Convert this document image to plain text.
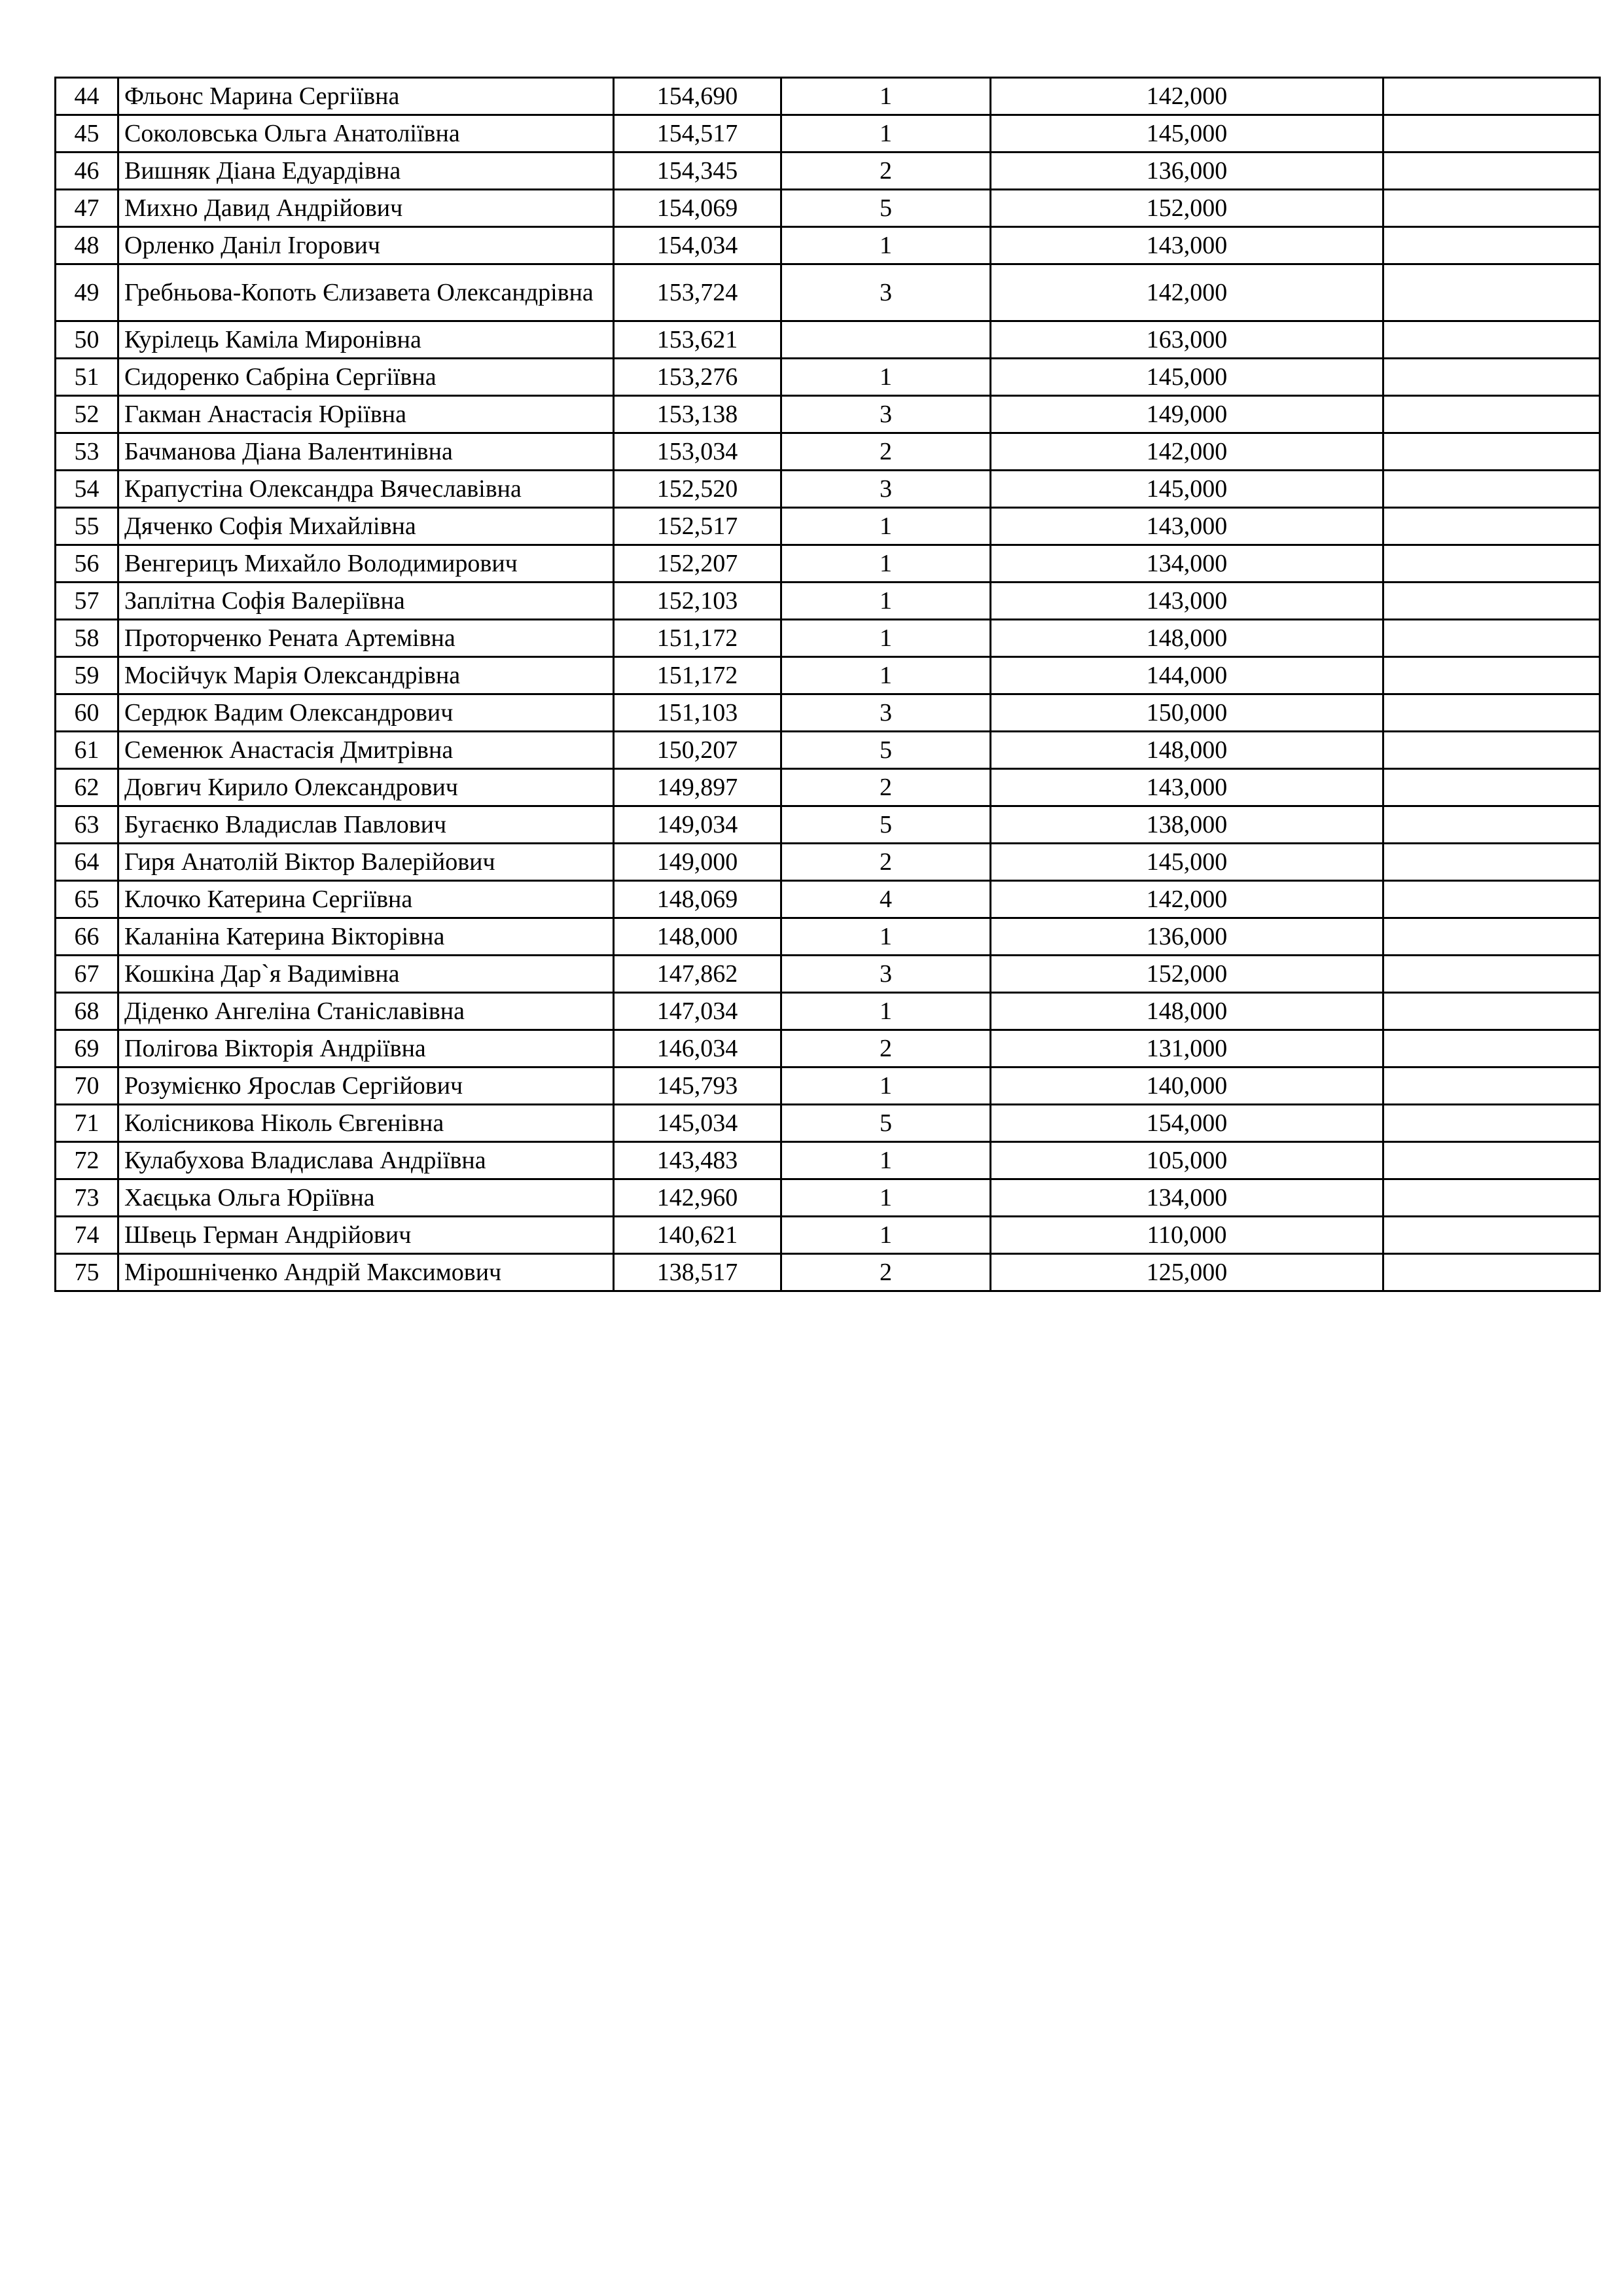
44	Фльонс Марина Сергіївна	154,690	1	142,000	
45	Соколовська Ольга Анатоліївна	154,517	1	145,000	
46	Вишняк Діана Едуардівна	154,345	2	136,000	
47	Михно Давид Андрійович	154,069	5	152,000	
48	Орленко Даніл Ігорович	154,034	1	143,000	
49	Гребньова-Копоть Єлизавета Олександрівна	153,724	3	142,000	
50	Курілець Каміла Миронівна	153,621		163,000	
51	Сидоренко Сабріна Сергіївна	153,276	1	145,000	
52	Гакман Анастасія Юріївна	153,138	3	149,000	
53	Бачманова Діана Валентинівна	153,034	2	142,000	
54	Крапустіна Олександра Вячеславівна	152,520	3	145,000	
55	Дяченко Софія Михайлівна	152,517	1	143,000	
56	Венгерицъ Михайло Володимирович	152,207	1	134,000	
57	Заплітна Софія Валеріївна	152,103	1	143,000	
58	Проторченко Рената Артемівна	151,172	1	148,000	
59	Мосійчук Марія Олександрівна	151,172	1	144,000	
60	Сердюк Вадим Олександрович	151,103	3	150,000	
61	Семенюк Анастасія Дмитрівна	150,207	5	148,000	
62	Довгич Кирило Олександрович	149,897	2	143,000	
63	Бугаєнко Владислав Павлович	149,034	5	138,000	
64	Гиря Анатолій Віктор Валерійович	149,000	2	145,000	
65	Клочко Катерина Сергіївна	148,069	4	142,000	
66	Каланіна Катерина Вікторівна	148,000	1	136,000	
67	Кошкіна Дар`я Вадимівна	147,862	3	152,000	
68	Діденко Ангеліна Станіславівна	147,034	1	148,000	
69	Полігова Вікторія Андріївна	146,034	2	131,000	
70	Розумієнко Ярослав Сергійович	145,793	1	140,000	
71	Колісникова Ніколь Євгенівна	145,034	5	154,000	
72	Кулабухова Владислава Андріївна	143,483	1	105,000	
73	Хаєцька Ольга Юріївна	142,960	1	134,000	
74	Швець Герман Андрійович	140,621	1	110,000	
75	Мірошніченко Андрій Максимович	138,517	2	125,000	
